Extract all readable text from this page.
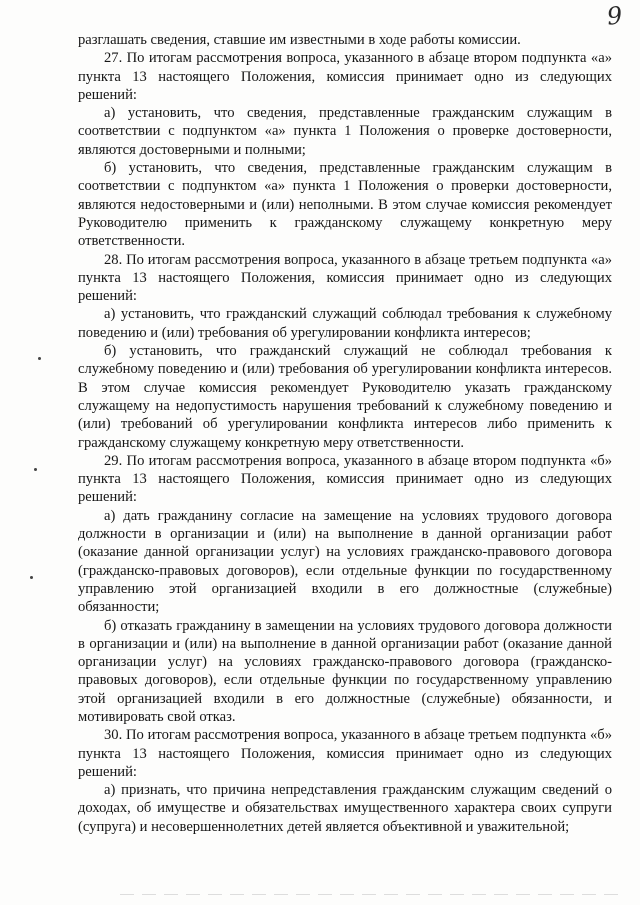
9

разглашать сведения, ставшие им известными в ходе работы комиссии.

27. По итогам рассмотрения вопроса, указанного в абзаце втором подпункта «а» пункта 13 настоящего Положения, комиссия принимает одно из следующих решений:

а) установить, что сведения, представленные гражданским служащим в соответствии с подпунктом «а» пункта 1 Положения о проверке достоверности, являются достоверными и полными;

б) установить, что сведения, представленные гражданским служащим в соответствии с подпунктом «а» пункта 1 Положения о проверки достоверности, являются недостоверными и (или) неполными. В этом случае комиссия рекомендует Руководителю применить к гражданскому служащему конкретную меру ответственности.

28. По итогам рассмотрения вопроса, указанного в абзаце третьем подпункта «а» пункта 13 настоящего Положения, комиссия принимает одно из следующих решений:

а) установить, что гражданский служащий соблюдал требования к служебному поведению и (или) требования об урегулировании конфликта интересов;

б) установить, что гражданский служащий не соблюдал требования к служебному поведению и (или) требования об урегулировании конфликта интересов. В этом случае комиссия рекомендует Руководителю указать гражданскому служащему на недопустимость нарушения требований к служебному поведению и (или) требований об урегулировании конфликта интересов либо применить к гражданскому служащему конкретную меру ответственности.

29. По итогам рассмотрения вопроса, указанного в абзаце втором подпункта «б» пункта 13 настоящего Положения, комиссия принимает одно из следующих решений:

а) дать гражданину согласие на замещение на условиях трудового договора должности в организации и (или) на выполнение в данной организации работ (оказание данной организации услуг) на условиях гражданско-правового договора (гражданско-правовых договоров), если отдельные функции по государственному управлению этой организацией входили в его должностные (служебные) обязанности;

б) отказать гражданину в замещении на условиях трудового договора должности в организации и (или) на выполнение в данной организации работ (оказание данной организации услуг) на условиях гражданско-правового договора (гражданско-правовых договоров), если отдельные функции по государственному управлению этой организацией входили в его должностные (служебные) обязанности, и мотивировать свой отказ.

30. По итогам рассмотрения вопроса, указанного в абзаце третьем подпункта «б» пункта 13 настоящего Положения, комиссия принимает одно из следующих решений:

а) признать, что причина непредставления гражданским служащим сведений о доходах, об имуществе и обязательствах имущественного характера своих супруги (супруга) и несовершеннолетних детей является объективной и уважительной;
